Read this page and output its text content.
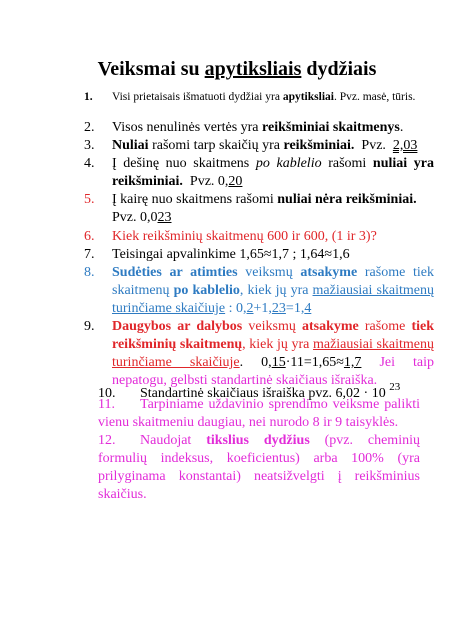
Veiksmai su apytiksliais dydžiais
1. Visi prietaisais išmatuoti dydžiai yra apytiksliai. Pvz. masė, tūris.
2. Visos nenulinės vertės yra reikšminiai skaitmenys.
3. Nuliai rašomi tarp skaičių yra reikšminiai.  Pvz.  2,03
4. Į dešinę nuo skaitmens po kablelio rašomi nuliai yra reikšminiai.  Pvz. 0,20
5. Į kairę nuo skaitmens rašomi nuliai nėra reikšminiai. Pvz. 0,023
6. Kiek reikšminių skaitmenų 600 ir 600, (1 ir 3)?
7. Teisingai apvalinkime 1,65≈1,7 ; 1,64≈1,6
8. Sudėties ar atimties veiksmų atsakyme rašome tiek skaitmenų po kablelio, kiek jų yra mažiausiai skaitmenų turinčiame skaičiuje : 0,2+1,23=1,4
9. Daugybos ar dalybos veiksmų atsakyme rašome tiek reikšminių skaitmenų, kiek jų yra mažiausiai skaitmenų turinčiame skaičiuje. 0,15·11=1,65≈1,7 Jei taip nepatogu, gelbsti standartinė skaičiaus išraiška.
10. Standartinė skaičiaus išraiška pvz. 6,02 · 10 $^{23}$
11. Tarpiniame uždavinio sprendimo veiksme palikti vienu skaitmeniu daugiau, nei nurodo 8 ir 9 taisyklės.
12. Naudojat tikslius dydžius (pvz. cheminių formulių indeksus, koeficientus) arba 100% (yra prilyginama konstantai) neatsižvelgti į reikšminius skaičius.
